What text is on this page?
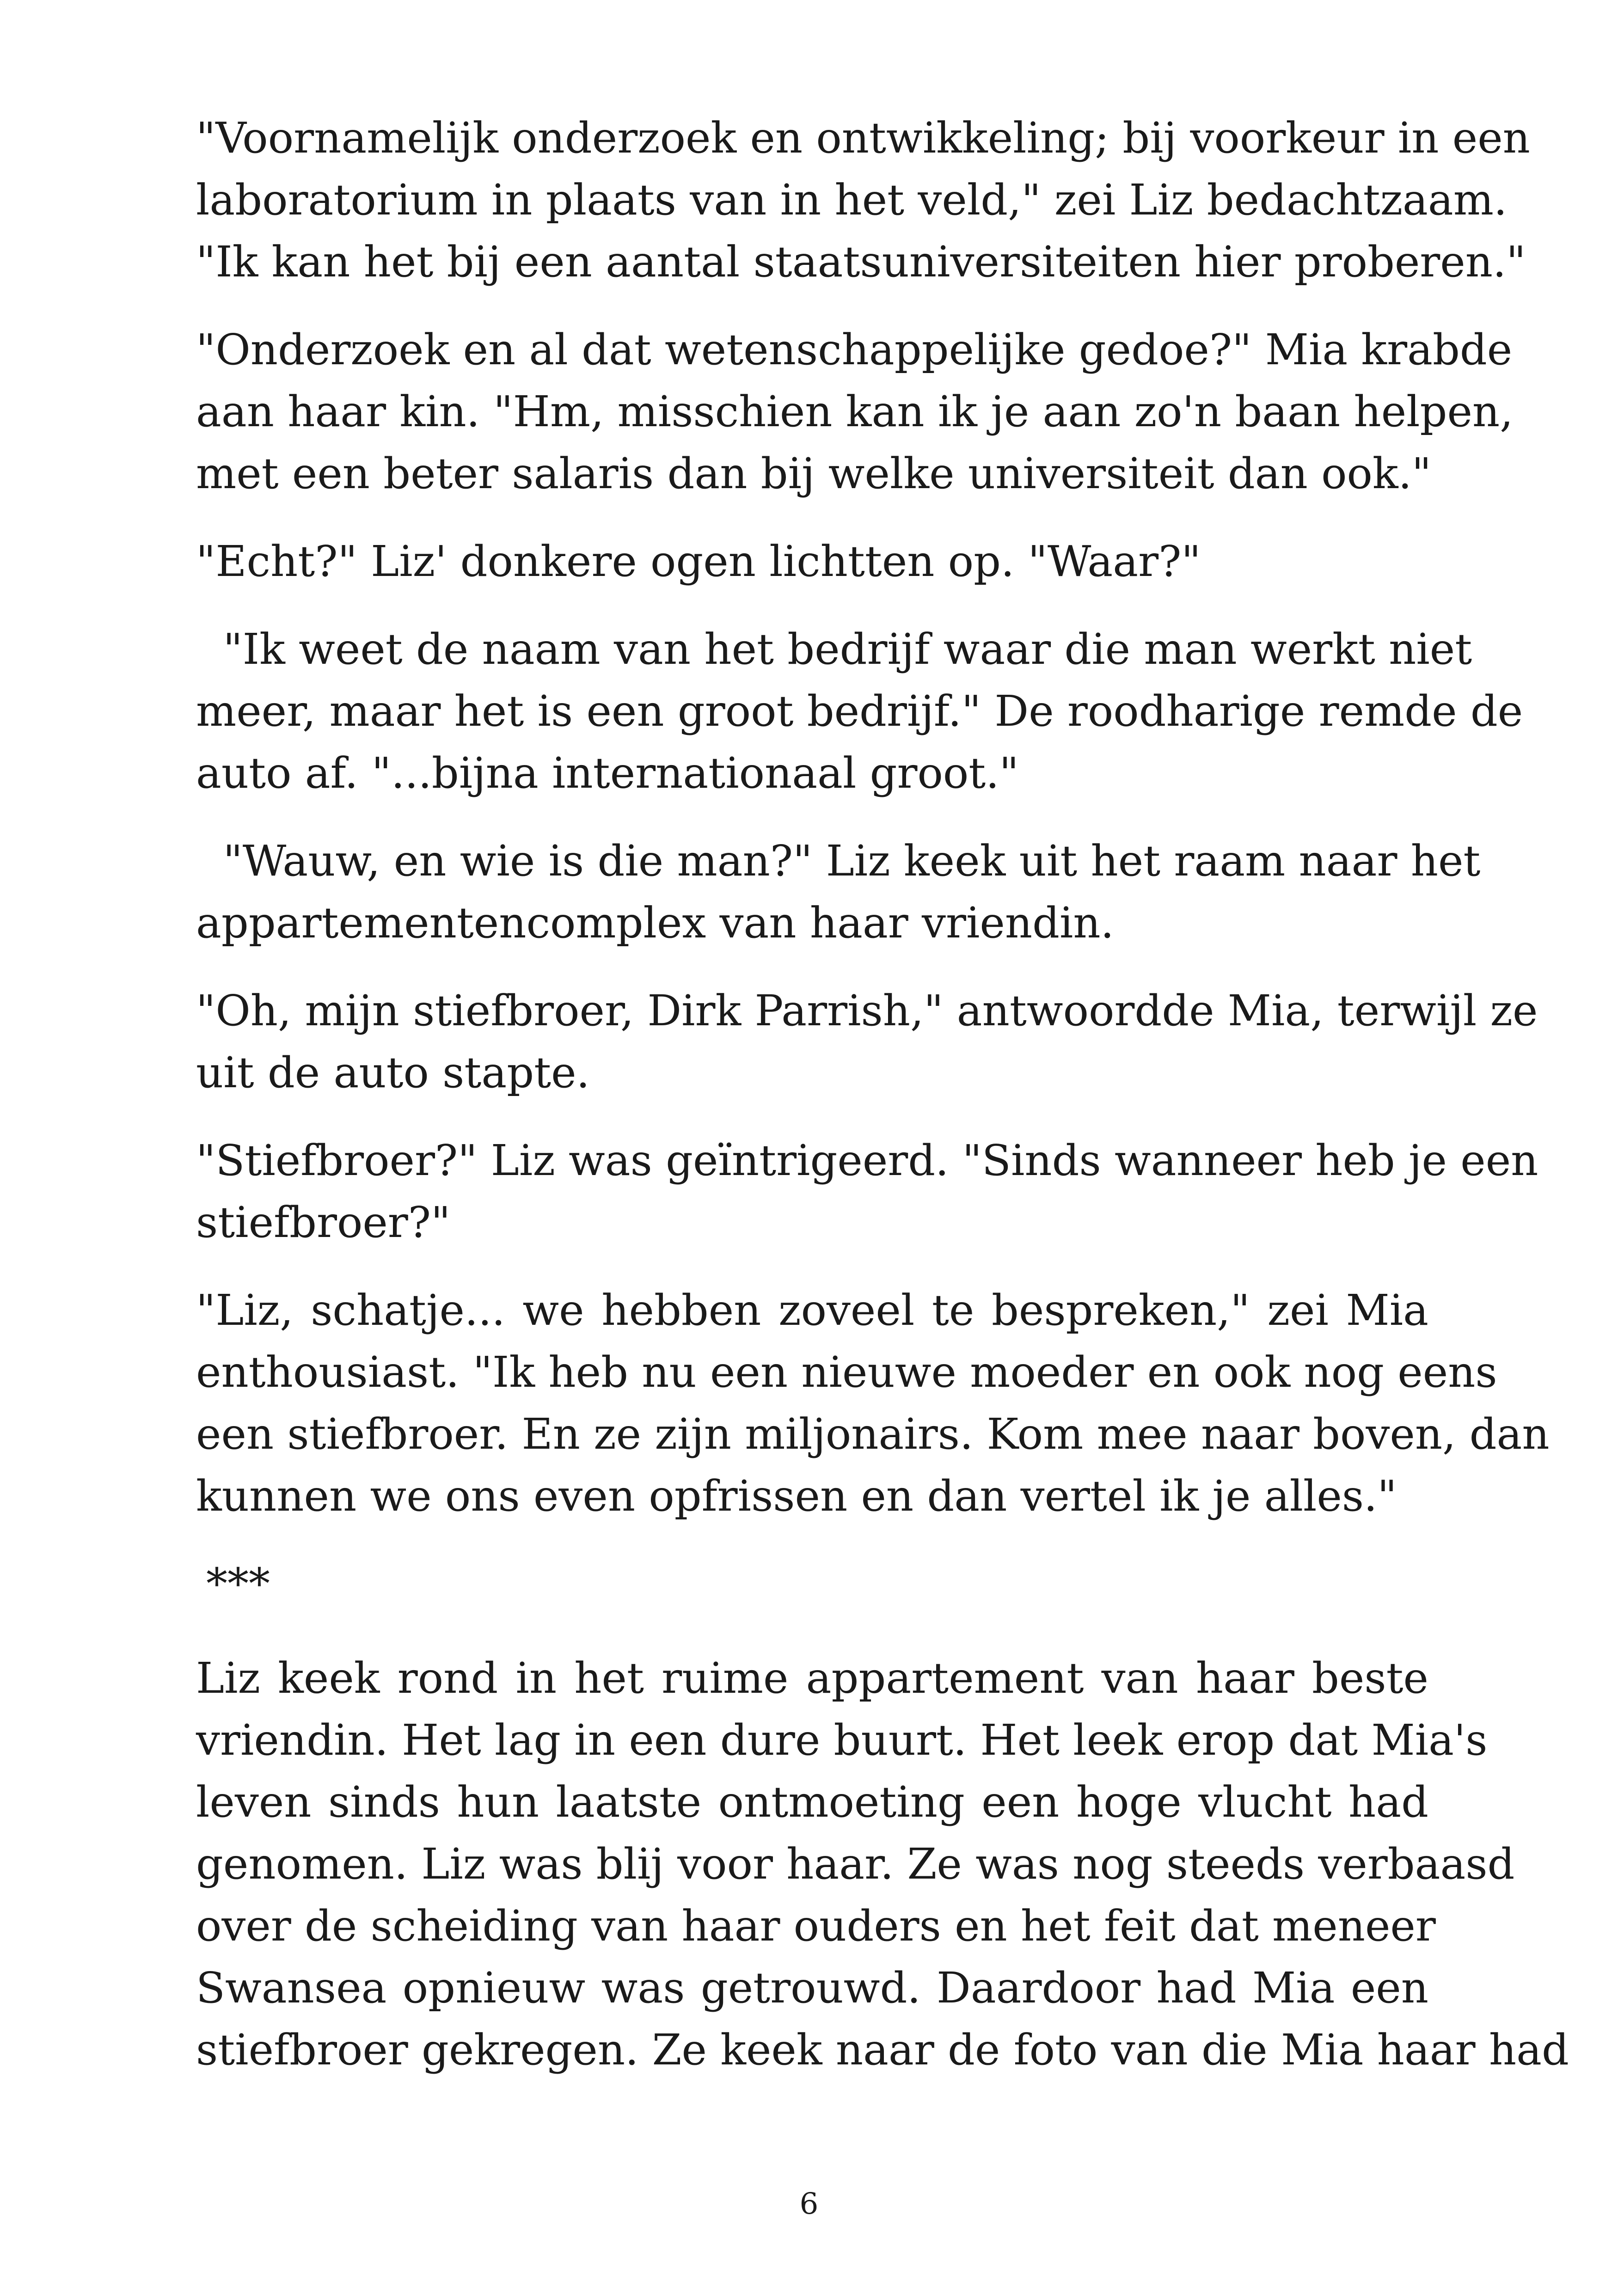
"Voornamelijk onderzoek en ontwikkeling; bij voorkeur in een
laboratorium in plaats van in het veld," zei Liz bedachtzaam.
"Ik kan het bij een aantal staatsuniversiteiten hier proberen."

"Onderzoek en al dat wetenschappelijke gedoe?" Mia krabde
aan haar kin. "Hm, misschien kan ik je aan zo'n baan helpen,
met een beter salaris dan bij welke universiteit dan ook."

"Echt?" Liz' donkere ogen lichtten op. "Waar?"

"Ik weet de naam van het bedrijf waar die man werkt niet
meer, maar het is een groot bedrijf." De roodharige remde de
auto af. "...bijna internationaal groot."

"Wauw, en wie is die man?" Liz keek uit het raam naar het
appartementencomplex van haar vriendin.

"Oh, mijn stiefbroer, Dirk Parrish," antwoordde Mia, terwijl ze
uit de auto stapte.

"Stiefbroer?" Liz was geïntrigeerd. "Sinds wanneer heb je een
stiefbroer?"

"Liz, schatje... we hebben zoveel te bespreken," zei Mia
enthousiast. "Ik heb nu een nieuwe moeder en ook nog eens
een stiefbroer. En ze zijn miljonairs. Kom mee naar boven, dan
kunnen we ons even opfrissen en dan vertel ik je alles."

***

Liz keek rond in het ruime appartement van haar beste
vriendin. Het lag in een dure buurt. Het leek erop dat Mia's
leven sinds hun laatste ontmoeting een hoge vlucht had
genomen. Liz was blij voor haar. Ze was nog steeds verbaasd
over de scheiding van haar ouders en het feit dat meneer
Swansea opnieuw was getrouwd. Daardoor had Mia een
stiefbroer gekregen. Ze keek naar de foto van die Mia haar had

6
